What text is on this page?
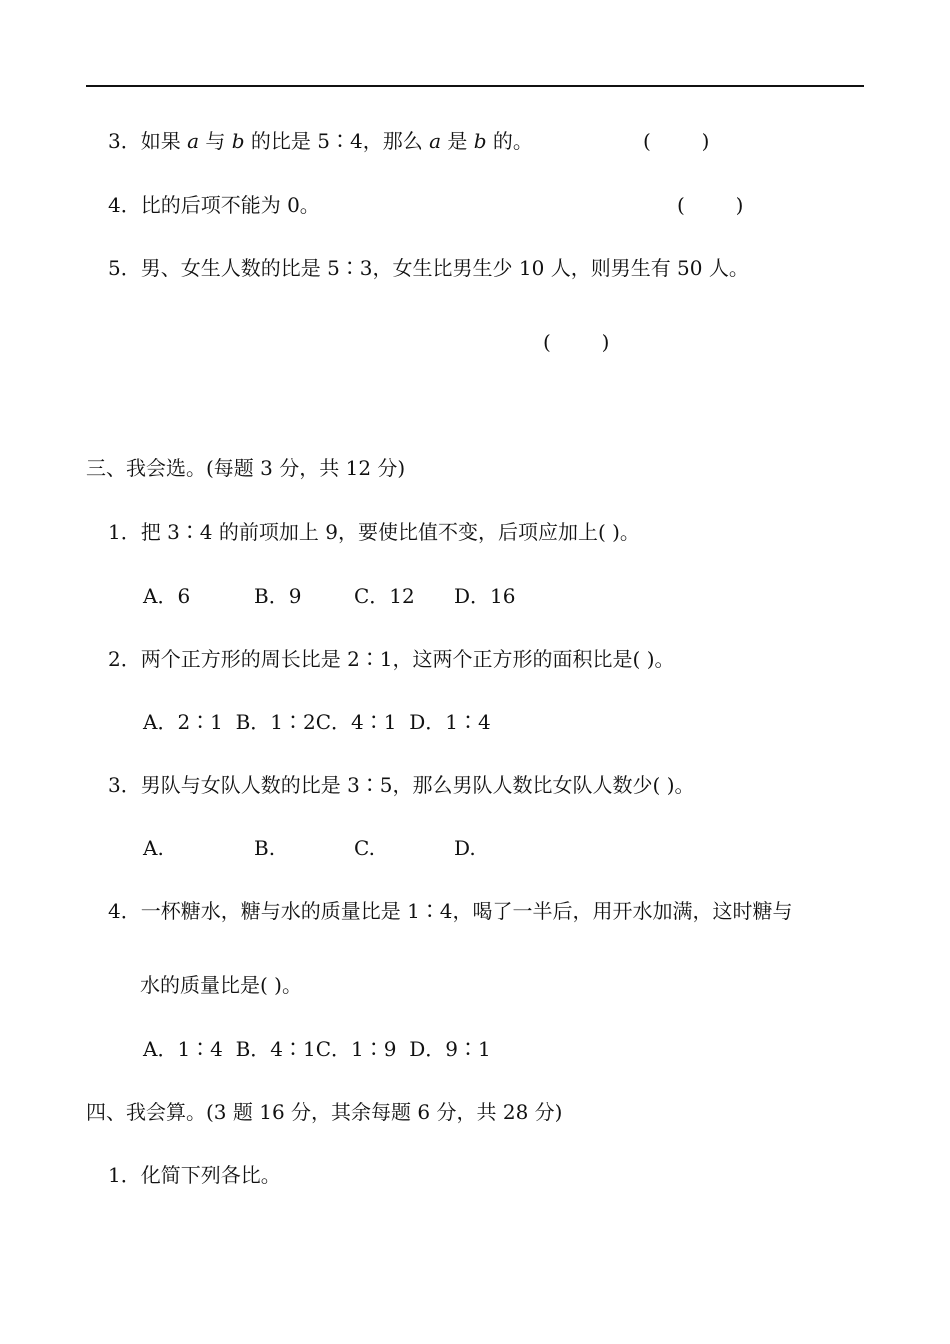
3．如果 a 与 b 的比是 5∶4，那么 a 是 b 的。	(        )
4．比的后项不能为 0。	(        )
5．男、女生人数的比是 5∶3，女生比男生少 10 人，则男生有 50 人。
(        )
三、我会选。(每题 3 分，共 12 分)
1．把 3∶4 的前项加上 9，要使比值不变，后项应加上( )。
A．6	B．9	C．12 D．16
2．两个正方形的周长比是 2∶1，这两个正方形的面积比是( )。
A．2∶1  B．1∶2C．4∶1  D．1∶4
3．男队与女队人数的比是 3∶5，那么男队人数比女队人数少( )。
A.	B.	C.	D.
4．一杯糖水，糖与水的质量比是 1∶4，喝了一半后，用开水加满，这时糖与
水的质量比是( )。
A．1∶4  B．4∶1C．1∶9  D．9∶1
四、我会算。(3 题 16 分，其余每题 6 分，共 28 分)
1．化简下列各比。
